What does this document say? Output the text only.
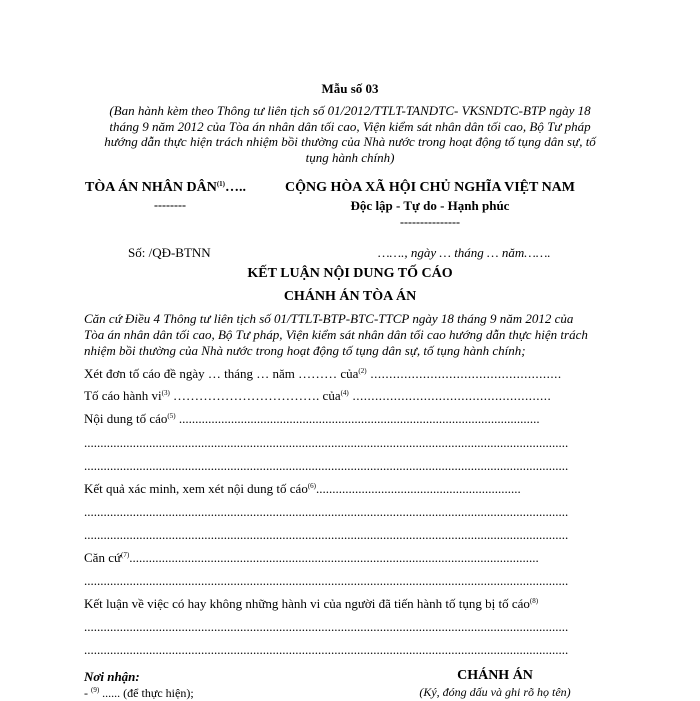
Mẫu số 03
(Ban hành kèm theo Thông tư liên tịch số 01/2012/TTLT-TANDTC- VKSNDTC-BTP ngày 18
tháng 9 năm 2012 của Tòa án nhân dân tối cao, Viện kiểm sát nhân dân tối cao, Bộ Tư pháp
hướng dẫn thực hiện trách nhiệm bồi thường của Nhà nước trong hoạt động tố tụng dân sự, tố
tụng hành chính)
TÒA ÁN NHÂN DÂN$^{(1)}$…..
--------
CỘNG HÒA XÃ HỘI CHỦ NGHĨA VIỆT NAM
Độc lập - Tự do - Hạnh phúc
---------------
Số: /QĐ-BTNN	……., ngày … tháng … năm…….
KẾT LUẬN NỘI DUNG TỐ CÁO
CHÁNH ÁN TÒA ÁN
Căn cứ Điều 4 Thông tư liên tịch số 01/TTLT-BTP-BTC-TTCP ngày 18 tháng 9 năm 2012 của
Tòa án nhân dân tối cao, Bộ Tư pháp, Viện kiểm sát nhân dân tối cao hướng dẫn thực hiện trách
nhiệm bồi thường của Nhà nước trong hoạt động tố tụng dân sự, tố tụng hành chính;
Xét đơn tố cáo đề ngày … tháng … năm ……… của$^{(2)}$ ...................................................
Tố cáo hành $vi^{(3)}$ ……………………………. của$^{(4)}$ .....................................................
Nội dung tố cáo$^{(5)}$ ...............................................................................................................
.....................................................................................................................................................
.....................................................................................................................................................
Kết quả xác minh, xem xét nội dung tố cáo$^{(6)}$...............................................................
.....................................................................................................................................................
.....................................................................................................................................................
Căn cứ$^{(7)}$..............................................................................................................................
.....................................................................................................................................................
Kết luận về việc có hay không những hành vi của người đã tiến hành tố tụng bị tố cáo$^{(8)}$
.....................................................................................................................................................
.....................................................................................................................................................
Nơi nhận:
- $^{(9)}$ ...... (để thực hiện);
CHÁNH ÁN
(Ký, đóng dấu và ghi rõ họ tên)
